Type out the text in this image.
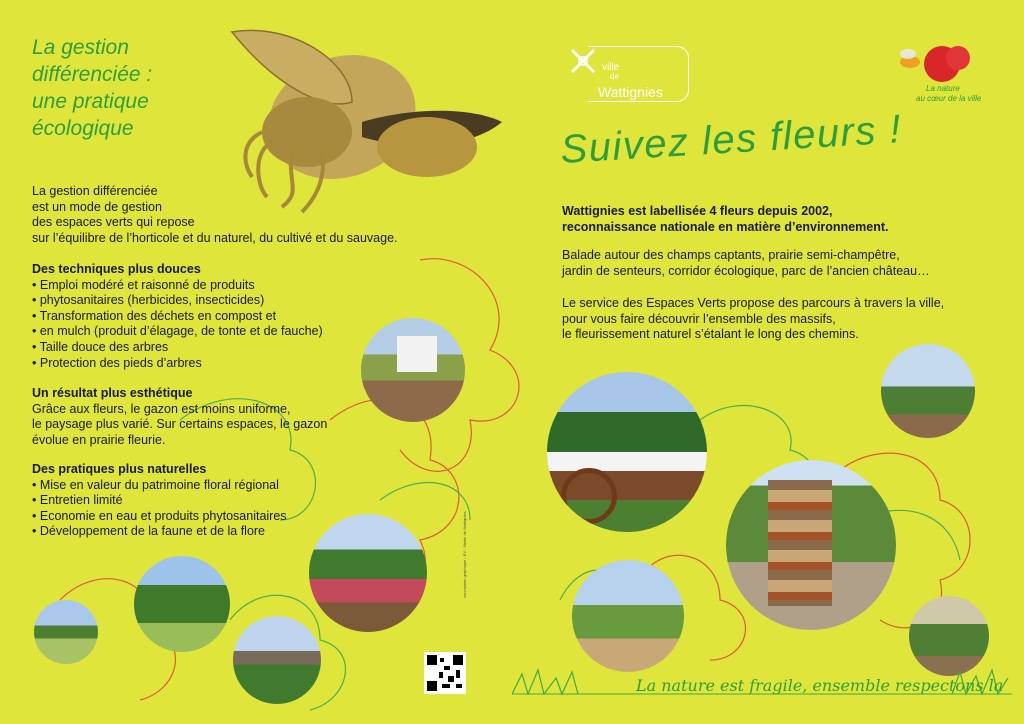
La gestion
différenciée :
une pratique
écologique
La gestion différenciée
est un mode de gestion
des espaces verts qui repose
sur l’équilibre de l’horticole et du naturel, du cultivé et du sauvage.
Des techniques plus douces
• Emploi modéré et raisonné de produits
• phytosanitaires (herbicides, insecticides)
• Transformation des déchets en compost et
• en mulch (produit d’élagage, de tonte et de fauche)
• Taille douce des arbres
• Protection des pieds d’arbres
Un résultat plus esthétique

Grâce aux fleurs, le gazon est moins uniforme,

le paysage plus varié. Sur certains espaces, le gazon

évolue en prairie fleurie.

Des pratiques plus naturelles
• Mise en valeur du patrimoine floral régional
• Entretien limité
• Economie en eau et produits phytosanitaires
• Développement de la faune et de la flore	conception graphique : EV - Mairie de Wattignies
ville
de
Wattignies	La nature
au cœur de la ville
Suivez les fleurs !
Wattignies est labellisée 4 fleurs depuis 2002,
reconnaissance nationale en matière d’environnement.
Balade autour des champs captants, prairie semi-champêtre,
jardin de senteurs, corridor écologique, parc de l’ancien château…
Le service des Espaces Verts propose des parcours à travers la ville,
pour vous faire découvrir l’ensemble des massifs,
le fleurissement naturel s’étalant le long des chemins.
La nature est fragile, ensemble respectons la
